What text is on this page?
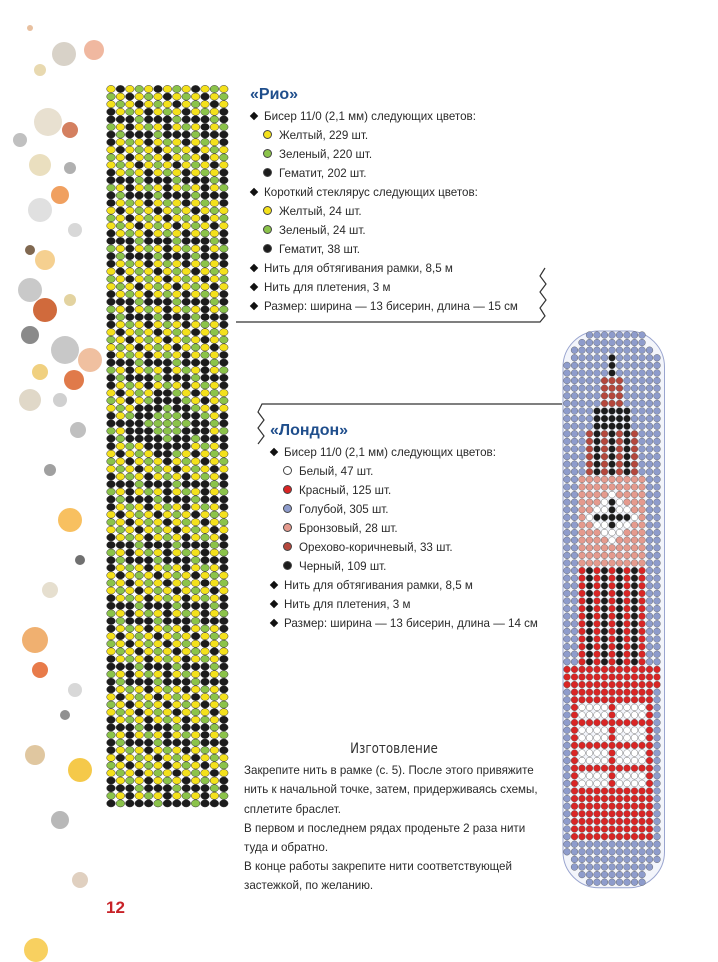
«Рио»
Бисер 11/0 (2,1 мм) следующих цветов:
Желтый, 229 шт.
Зеленый, 220 шт.
Гематит, 202 шт.
Короткий стеклярус следующих цветов:
Желтый, 24 шт.
Зеленый, 24 шт.
Гематит, 38 шт.
Нить для обтягивания рамки, 8,5 м
Нить для плетения, 3 м
Размер: ширина — 13 бисерин, длина — 15 см
«Лондон»
Бисер 11/0 (2,1 мм) следующих цветов:
Белый, 47 шт.
Красный, 125 шт.
Голубой, 305 шт.
Бронзовый, 28 шт.
Орехово-коричневый, 33 шт.
Черный, 109 шт.
Нить для обтягивания рамки, 8,5 м
Нить для плетения, 3 м
Размер: ширина — 13 бисерин, длина — 14 см
Изготовление

Закрепите нить в рамке (с. 5). После этого привяжите нить к начальной точке, затем, придерживаясь схемы, сплетите браслет.

В первом и последнем рядах проденьте 2 раза нити туда и обратно.

В конце работы закрепите нити соответствующей застежкой, по желанию.

12
